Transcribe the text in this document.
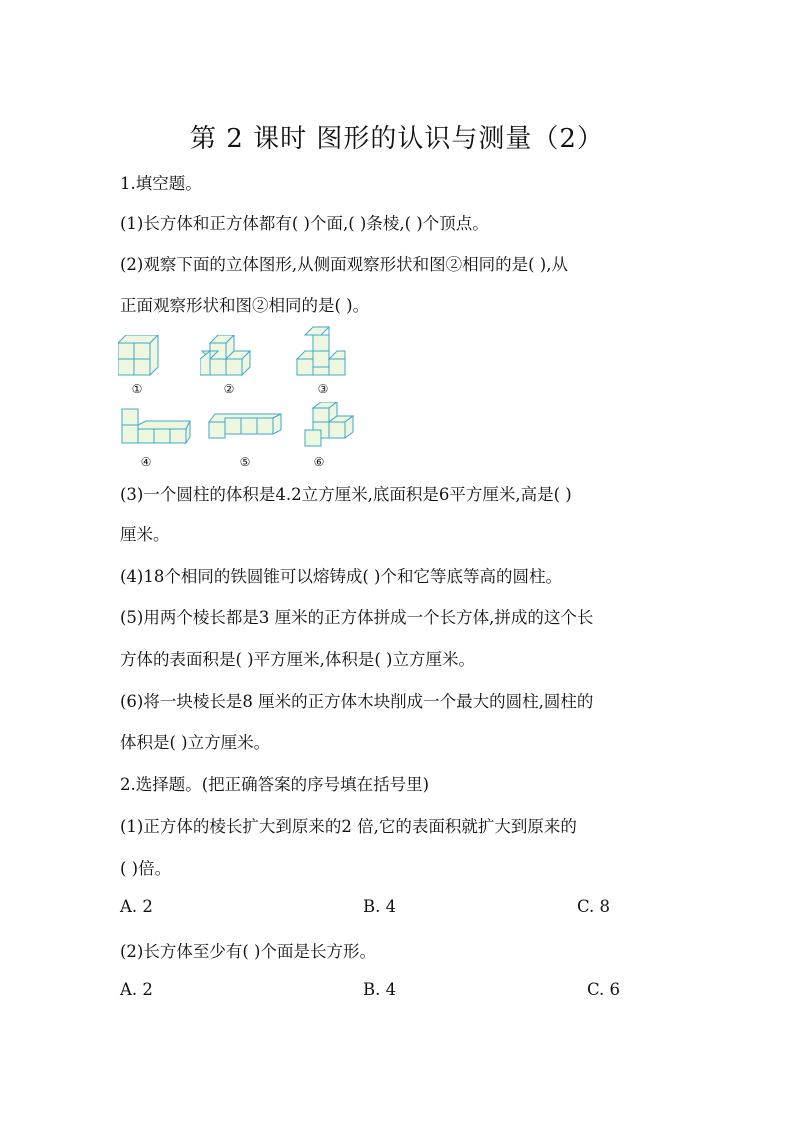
第 2 课时 图形的认识与测量（2）
1.填空题。
(1)长方体和正方体都有( )个面,( )条棱,( )个顶点。
(2)观察下面的立体图形,从侧面观察形状和图②相同的是( ),从
正面观察形状和图②相同的是( )。
①	②	③
④	⑤	⑥
(3)一个圆柱的体积是4.2立方厘米,底面积是6平方厘米,高是( )
厘米。
(4)18个相同的铁圆锥可以熔铸成( )个和它等底等高的圆柱。
(5)用两个棱长都是3 厘米的正方体拼成一个长方体,拼成的这个长
方体的表面积是( )平方厘米,体积是( )立方厘米。
(6)将一块棱长是8 厘米的正方体木块削成一个最大的圆柱,圆柱的
体积是( )立方厘米。
2.选择题。(把正确答案的序号填在括号里)
(1)正方体的棱长扩大到原来的2 倍,它的表面积就扩大到原来的
( )倍。
A. 2	B. 4	C. 8
(2)长方体至少有( )个面是长方形。
A. 2	B. 4	C. 6
